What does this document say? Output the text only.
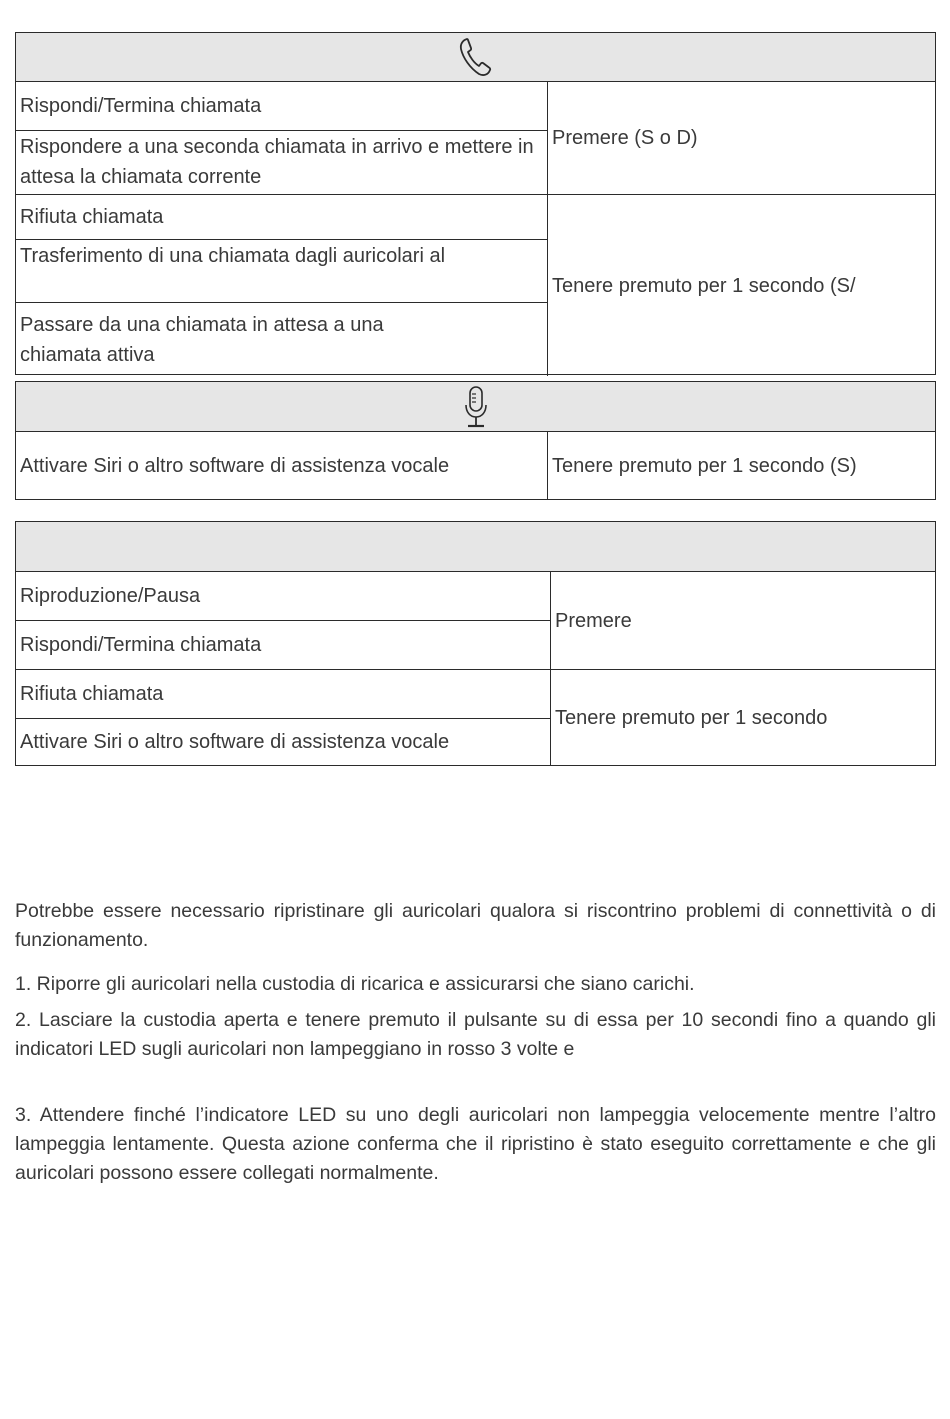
Rispondi/Termina chiamata
Rispondere a una seconda chiamata in arrivo e mettere in attesa la chiamata corrente
Premere (S o D)
Rifiuta chiamata
Trasferimento di una chiamata dagli auricolari al
Passare da una chiamata in attesa a una chiamata attiva
Tenere premuto per 1 secondo (S/
Attivare Siri o altro software di assistenza vocale	Tenere premuto per 1 secondo (S)
Riproduzione/Pausa
Rispondi/Termina chiamata
Premere
Rifiuta chiamata
Attivare Siri o altro software di assistenza vocale
Tenere premuto per 1 secondo

Potrebbe essere necessario ripristinare gli auricolari qualora si riscontrino problemi di connettività o di funzionamento.

1. Riporre gli auricolari nella custodia di ricarica e assicurarsi che siano carichi.

2. Lasciare la custodia aperta e tenere premuto il pulsante su di essa per 10 secondi fino a quando gli indicatori LED sugli auricolari non lampeggiano in rosso 3 volte e

3. Attendere finché l’indicatore LED su uno degli auricolari non lampeggia velocemente mentre l’altro lampeggia lentamente. Questa azione conferma che il ripristino è stato eseguito correttamente e che gli auricolari possono essere collegati normalmente.
